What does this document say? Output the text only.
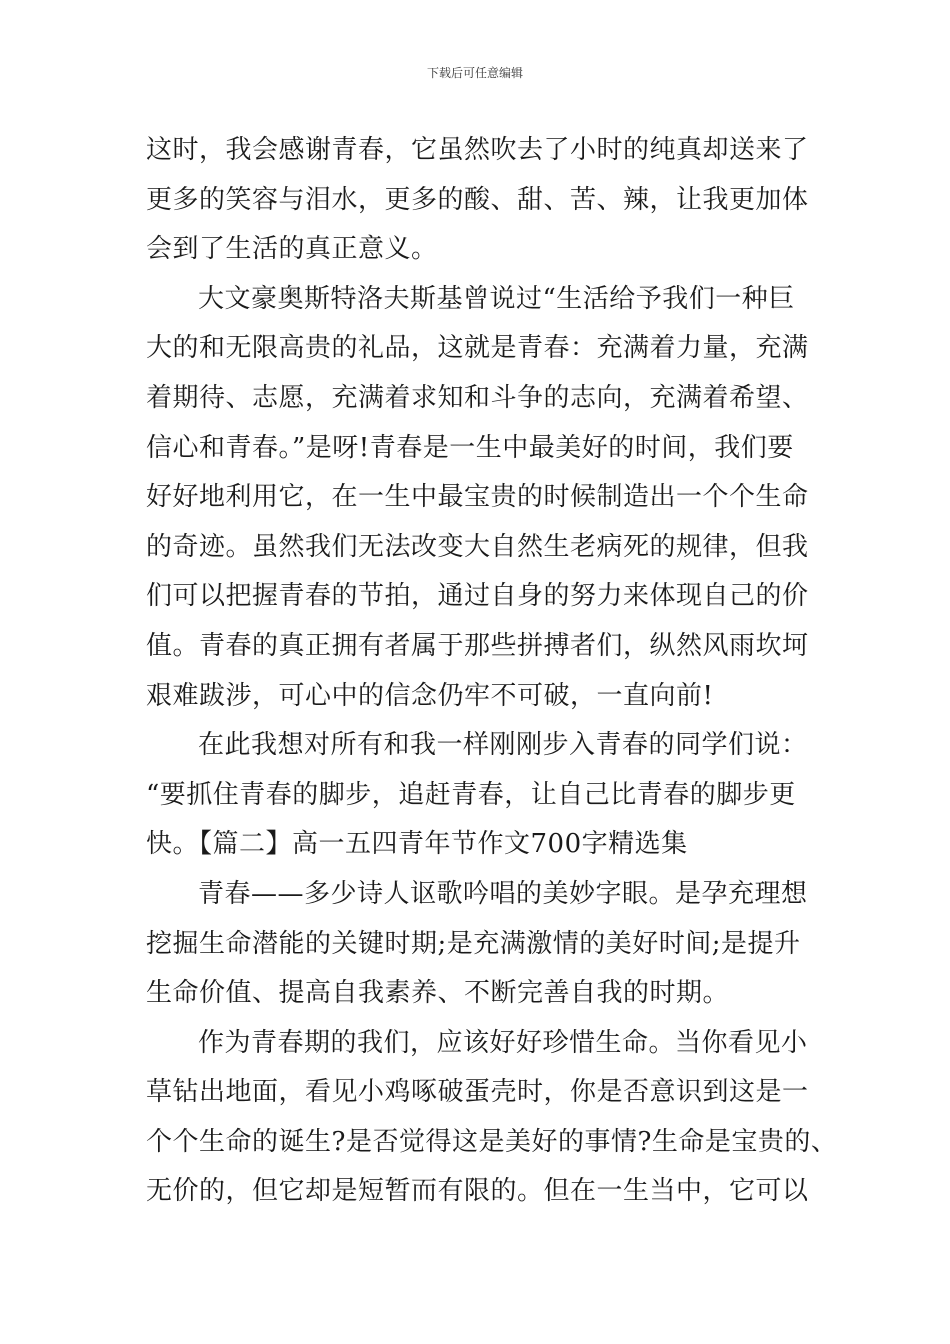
下载后可任意编辑
这时，我会感谢青春，它虽然吹去了小时的纯真却送来了
更多的笑容与泪水，更多的酸、甜、苦、辣，让我更加体
会到了生活的真正意义。
大文豪奥斯特洛夫斯基曾说过“生活给予我们一种巨
大的和无限高贵的礼品，这就是青春：充满着力量，充满
着期待、志愿，充满着求知和斗争的志向，充满着希望、
信心和青春。”是呀!青春是一生中最美好的时间，我们要
好好地利用它，在一生中最宝贵的时候制造出一个个生命
的奇迹。虽然我们无法改变大自然生老病死的规律，但我
们可以把握青春的节拍，通过自身的努力来体现自己的价
值。青春的真正拥有者属于那些拼搏者们，纵然风雨坎坷
艰难跋涉，可心中的信念仍牢不可破，一直向前!
在此我想对所有和我一样刚刚步入青春的同学们说：
“要抓住青春的脚步，追赶青春，让自己比青春的脚步更
快。【篇二】高一五四青年节作文700字精选集
青春——多少诗人讴歌吟唱的美妙字眼。是孕充理想
挖掘生命潜能的关键时期;是充满激情的美好时间;是提升
生命价值、提高自我素养、不断完善自我的时期。
作为青春期的我们，应该好好珍惜生命。当你看见小
草钻出地面，看见小鸡啄破蛋壳时，你是否意识到这是一
个个生命的诞生?是否觉得这是美好的事情?生命是宝贵的、
无价的，但它却是短暂而有限的。但在一生当中，它可以
